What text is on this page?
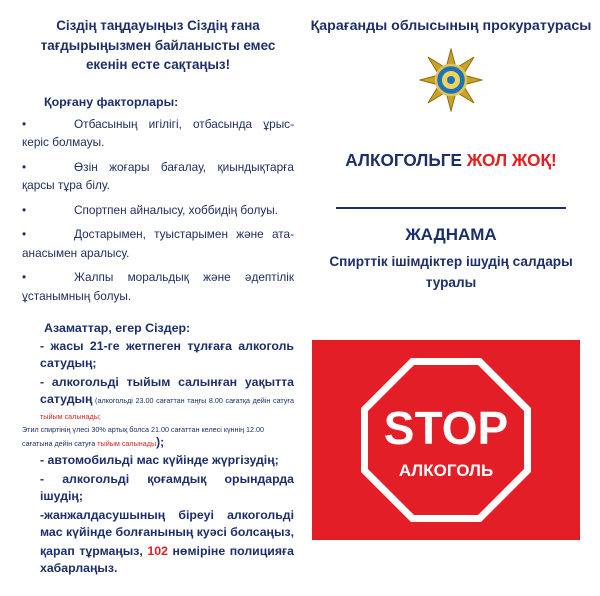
Сіздің таңдауыңыз Сіздің ғана тағдырыңызмен байланысты емес екенін есте сақтаңыз!

Қорғану факторлары:

•	Отбасының игілігі, отбасында ұрыс- керіс болмауы.

•	Өзін жоғары бағалау, қиындықтарға қарсы тұра білу.

•	Спортпен айналысу, хоббидің болуы.

•	Достарымен, туыстарымен және ата-анасымен аралысу.

•	Жалпы моральдық және әдептілік ұстанымның болуы.

Азаматтар, егер Сіздер:

- жасы 21-ге жетпеген тұлғаға алкоголь сатудың;

- алкогольді тыйым салынған уақытта сатудың (алкогольді 23.00 сағаттан таңғы 8.00 сағатқа дейін сатуға тыйым салынады;

Этил спиртінің үлесі 30% артық болса 21.00 сағаттан келесі күннің 12.00 сағатына дейін сатуға тыйым салынады);

- автомобильді мас күйінде жүргізудің;

- алкогольді қоғамдық орындарда ішудің;

-жанжалдасушының біреуі алкогольді мас күйінде болғанының куәсі болсаңыз,

қарап тұрмаңыз, 102 нөміріне полицияға хабарлаңыз.

Қарағанды облысының прокуратурасы

АЛКОГОЛЬГЕ ЖОЛ ЖОҚ!

ЖАДНАМА

Спирттік ішімдіктер ішудің салдары туралы

STOP
АЛКОГОЛЬ
